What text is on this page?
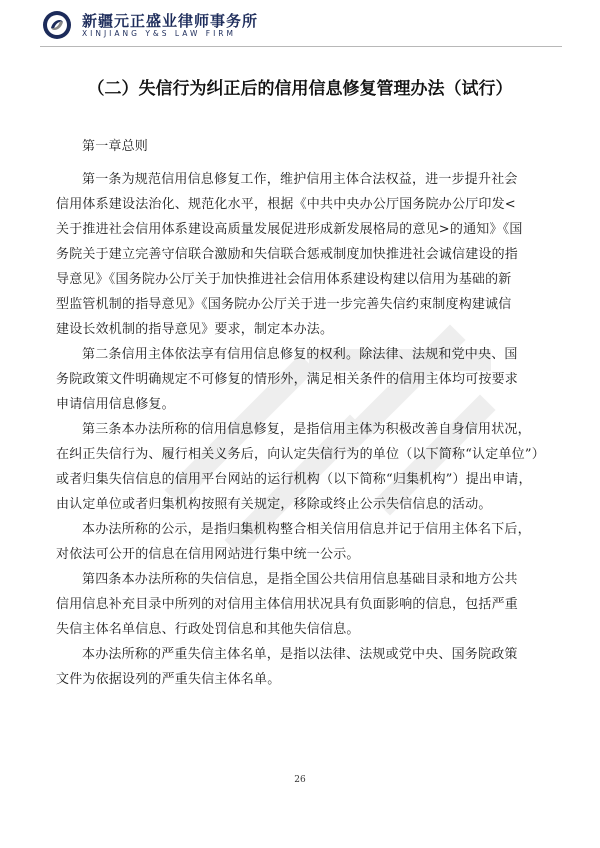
新疆元正盛业律师事务所
XINJIANG Y&S LAW FIRM
（二）失信行为纠正后的信用信息修复管理办法（试行）
第一章总则
第一条为规范信用信息修复工作，维护信用主体合法权益，进一步提升社会
信用体系建设法治化、规范化水平，根据《中共中央办公厅国务院办公厅印发<
关于推进社会信用体系建设高质量发展促进形成新发展格局的意见>的通知》《国
务院关于建立完善守信联合激励和失信联合惩戒制度加快推进社会诚信建设的指
导意见》《国务院办公厅关于加快推进社会信用体系建设构建以信用为基础的新
型监管机制的指导意见》《国务院办公厅关于进一步完善失信约束制度构建诚信
建设长效机制的指导意见》要求，制定本办法。
第二条信用主体依法享有信用信息修复的权利。除法律、法规和党中央、国
务院政策文件明确规定不可修复的情形外，满足相关条件的信用主体均可按要求
申请信用信息修复。
第三条本办法所称的信用信息修复，是指信用主体为积极改善自身信用状况，
在纠正失信行为、履行相关义务后，向认定失信行为的单位（以下简称“认定单位”）
或者归集失信信息的信用平台网站的运行机构（以下简称“归集机构”）提出申请，
由认定单位或者归集机构按照有关规定，移除或终止公示失信信息的活动。
本办法所称的公示，是指归集机构整合相关信用信息并记于信用主体名下后，
对依法可公开的信息在信用网站进行集中统一公示。
第四条本办法所称的失信信息，是指全国公共信用信息基础目录和地方公共
信用信息补充目录中所列的对信用主体信用状况具有负面影响的信息，包括严重
失信主体名单信息、行政处罚信息和其他失信信息。
本办法所称的严重失信主体名单，是指以法律、法规或党中央、国务院政策
文件为依据设列的严重失信主体名单。
26
